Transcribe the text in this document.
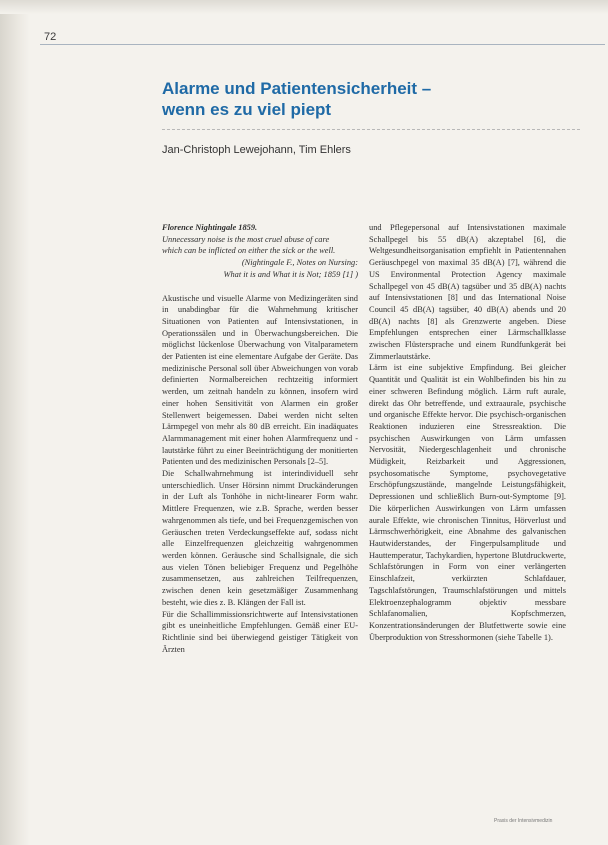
72
Alarme und Patientensicherheit –
wenn es zu viel piept
Jan-Christoph Lewejohann, Tim Ehlers

Florence Nightingale 1859.

Unnecessary noise is the most cruel abuse of care

which can be inflicted on either the sick or the well.

(Nightingale F., Notes on Nursing:

What it is and What it is Not; 1859 [1] )

Akustische und visuelle Alarme von Medizingeräten sind in unabdingbar für die Wahrnehmung kritischer Situationen von Patienten auf Intensivstationen, in Operationssälen und in Überwachungsbereichen. Die möglichst lückenlose Überwachung von Vitalparametern der Patienten ist eine elementare Aufgabe der Geräte. Das medizinische Personal soll über Abweichungen von vorab definierten Normalbereichen rechtzeitig informiert werden, um zeitnah handeln zu können, insofern wird einer hohen Sensitivität von Alarmen ein großer Stellenwert beigemessen. Dabei werden nicht selten Lärmpegel von mehr als 80 dB erreicht. Ein inadäquates Alarmmanagement mit einer hohen Alarmfrequenz und -lautstärke führt zu einer Beeinträchtigung der monitierten Patienten und des medizinischen Personals [2–5].

Die Schallwahrnehmung ist interindividuell sehr unterschiedlich. Unser Hörsinn nimmt Druckänderungen in der Luft als Tonhöhe in nicht-linearer Form wahr. Mittlere Frequenzen, wie z.B. Sprache, werden besser wahrgenommen als tiefe, und bei Frequenzgemischen von Geräuschen treten Verdeckungseffekte auf, sodass nicht alle Einzelfrequenzen gleichzeitig wahrgenommen werden können. Geräusche sind Schallsignale, die sich aus vielen Tönen beliebiger Frequenz und Pegelhöhe zusammensetzen, aus zahlreichen Teilfrequenzen, zwischen denen kein gesetzmäßiger Zusammenhang besteht, wie dies z. B. Klängen der Fall ist.

Für die Schallimmissionsrichtwerte auf Intensivstationen gibt es uneinheitliche Empfehlungen. Gemäß einer EU-Richtlinie sind bei überwiegend geistiger Tätigkeit von Ärzten

und Pflegepersonal auf Intensivstationen maximale Schallpegel bis 55 dB(A) akzeptabel [6], die Weltgesundheitsorganisation empfiehlt in Patientennahen Geräuschpegel von maximal 35 dB(A) [7], während die US Environmental Protection Agency maximale Schallpegel von 45 dB(A) tagsüber und 35 dB(A) nachts auf Intensivstationen [8] und das International Noise Council 45 dB(A) tagsüber, 40 dB(A) abends und 20 dB(A) nachts [8] als Grenzwerte angeben. Diese Empfehlungen entsprechen einer Lärmschallklasse zwischen Flüstersprache und einem Rundfunkgerät bei Zimmerlautstärke.

Lärm ist eine subjektive Empfindung. Bei gleicher Quantität und Qualität ist ein Wohlbefinden bis hin zu einer schweren Befindung möglich. Lärm ruft aurale, direkt das Ohr betreffende, und extraaurale, psychische und organische Effekte hervor. Die psychisch-organischen Reaktionen induzieren eine Stressreaktion. Die psychischen Auswirkungen von Lärm umfassen Nervosität, Niedergeschlagenheit und chronische Müdigkeit, Reizbarkeit und Aggressionen, psychosomatische Symptome, psychovegetative Erschöpfungszustände, mangelnde Leistungsfähigkeit, Depressionen und schließlich Burn-out-Symptome [9]. Die körperlichen Auswirkungen von Lärm umfassen aurale Effekte, wie chronischen Tinnitus, Hörverlust und Lärmschwerhörigkeit, eine Abnahme des galvanischen Hautwiderstandes, der Fingerpulsamplitude und Hauttemperatur, Tachykardien, hypertone Blutdruckwerte, Schlafstörungen in Form von einer verlängerten Einschlafzeit, verkürzten Schlafdauer, Tagschlafstörungen, Traumschlafstörungen und mittels Elektroenzephalogramm objektiv messbare Schlafanomalien, Kopfschmerzen, Konzentrationsänderungen der Blutfettwerte sowie eine Überproduktion von Stresshormonen (siehe Tabelle 1).

Praxis der Intensivmedizin
